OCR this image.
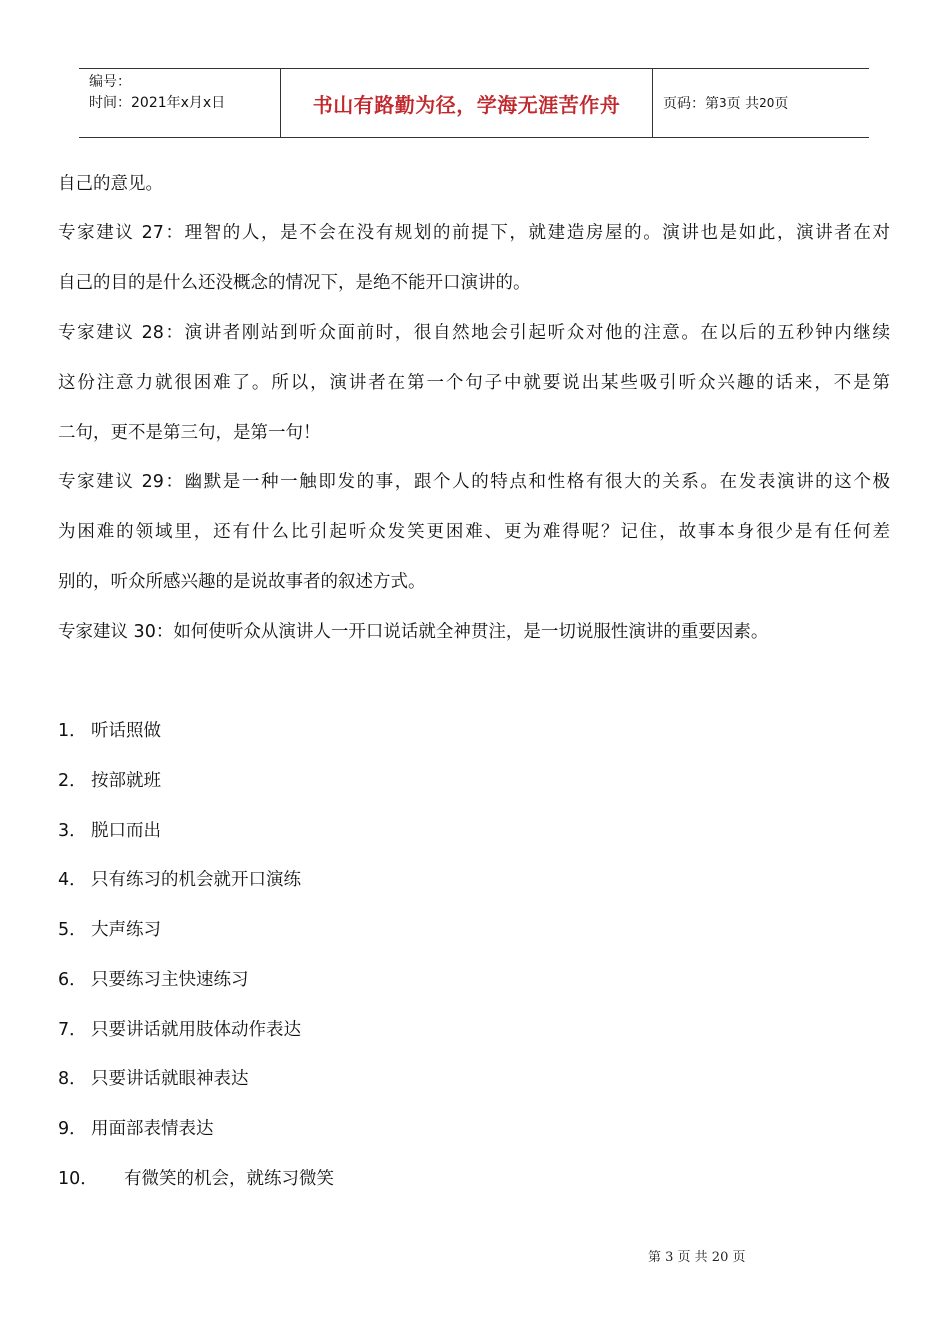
编号：
时间：2021年x月x日	书山有路勤为径，学海无涯苦作舟	页码：第 3 页 共 20 页
自己的意见。
专家建议 27：理智的人，是不会在没有规划的前提下，就建造房屋的。演讲也是如此，演讲者在对
自己的目的是什么还没概念的情况下，是绝不能开口演讲的。
专家建议 28：演讲者刚站到听众面前时，很自然地会引起听众对他的注意。在以后的五秒钟内继续
这份注意力就很困难了。所以，演讲者在第一个句子中就要说出某些吸引听众兴趣的话来，不是第
二句，更不是第三句，是第一句！
专家建议 29：幽默是一种一触即发的事，跟个人的特点和性格有很大的关系。在发表演讲的这个极
为困难的领域里，还有什么比引起听众发笑更困难、更为难得呢？记住，故事本身很少是有任何差
别的，听众所感兴趣的是说故事者的叙述方式。
专家建议 30：如何使听众从演讲人一开口说话就全神贯注，是一切说服性演讲的重要因素。
1． 听话照做
2． 按部就班
3． 脱口而出
4． 只有练习的机会就开口演练
5． 大声练习
6． 只要练习主快速练习
7． 只要讲话就用肢体动作表达
8． 只要讲话就眼神表达
9． 用面部表情表达
10． 有微笑的机会，就练习微笑
第 3 页 共 20 页
